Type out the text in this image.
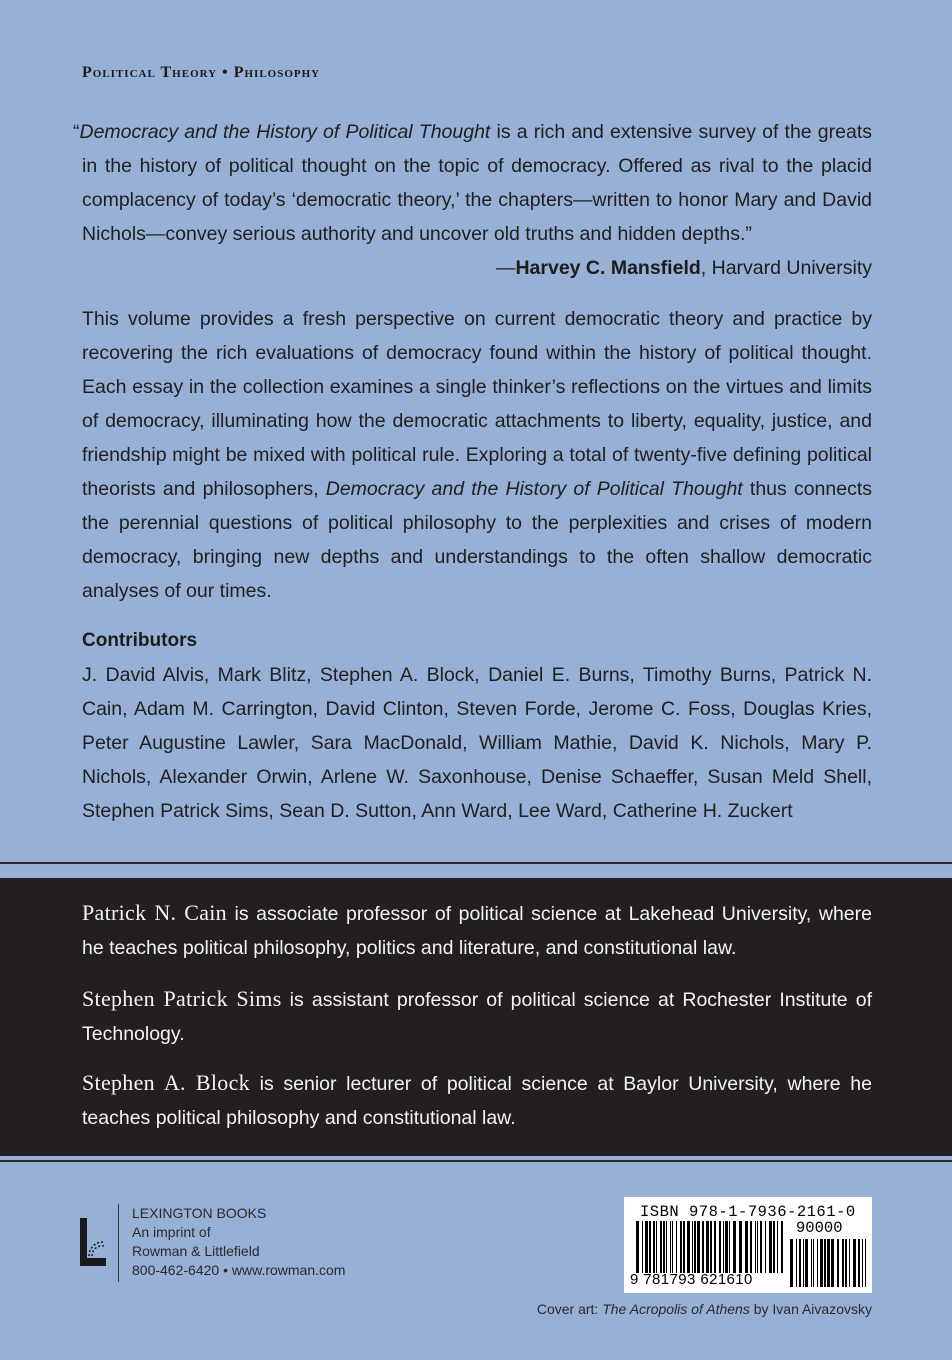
Political Theory • Philosophy
“Democracy and the History of Political Thought is a rich and extensive survey of the greats in the history of political thought on the topic of democracy. Offered as rival to the placid complacency of today’s ‘democratic theory,’ the chapters—written to honor Mary and David Nichols—convey serious authority and uncover old truths and hidden depths.”
—Harvey C. Mansfield, Harvard University
This volume provides a fresh perspective on current democratic theory and practice by recovering the rich evaluations of democracy found within the history of political thought. Each essay in the collection examines a single thinker’s reflections on the virtues and limits of democracy, illuminating how the democratic attachments to liberty, equality, justice, and friendship might be mixed with political rule. Exploring a total of twenty-five defining political theorists and philosophers, Democracy and the History of Political Thought thus connects the perennial questions of political philosophy to the perplexities and crises of modern democracy, bringing new depths and understandings to the often shallow democratic analyses of our times.
Contributors
J. David Alvis, Mark Blitz, Stephen A. Block, Daniel E. Burns, Timothy Burns, Patrick N. Cain, Adam M. Carrington, David Clinton, Steven Forde, Jerome C. Foss, Douglas Kries, Peter Augustine Lawler, Sara MacDonald, William Mathie, David K. Nichols, Mary P. Nichols, Alexander Orwin, Arlene W. Saxonhouse, Denise Schaeffer, Susan Meld Shell, Stephen Patrick Sims, Sean D. Sutton, Ann Ward, Lee Ward, Catherine H. Zuckert
Patrick N. Cain is associate professor of political science at Lakehead University, where he teaches political philosophy, politics and literature, and constitutional law.
Stephen Patrick Sims is assistant professor of political science at Rochester Institute of Technology.
Stephen A. Block is senior lecturer of political science at Baylor University, where he teaches political philosophy and constitutional law.
LEXINGTON BOOKS
An imprint of
Rowman & Littlefield
800-462-6420 • www.rowman.com
ISBN 978-1-7936-2161-0
9 781793 621610
90000
Cover art: The Acropolis of Athens by Ivan Aivazovsky
